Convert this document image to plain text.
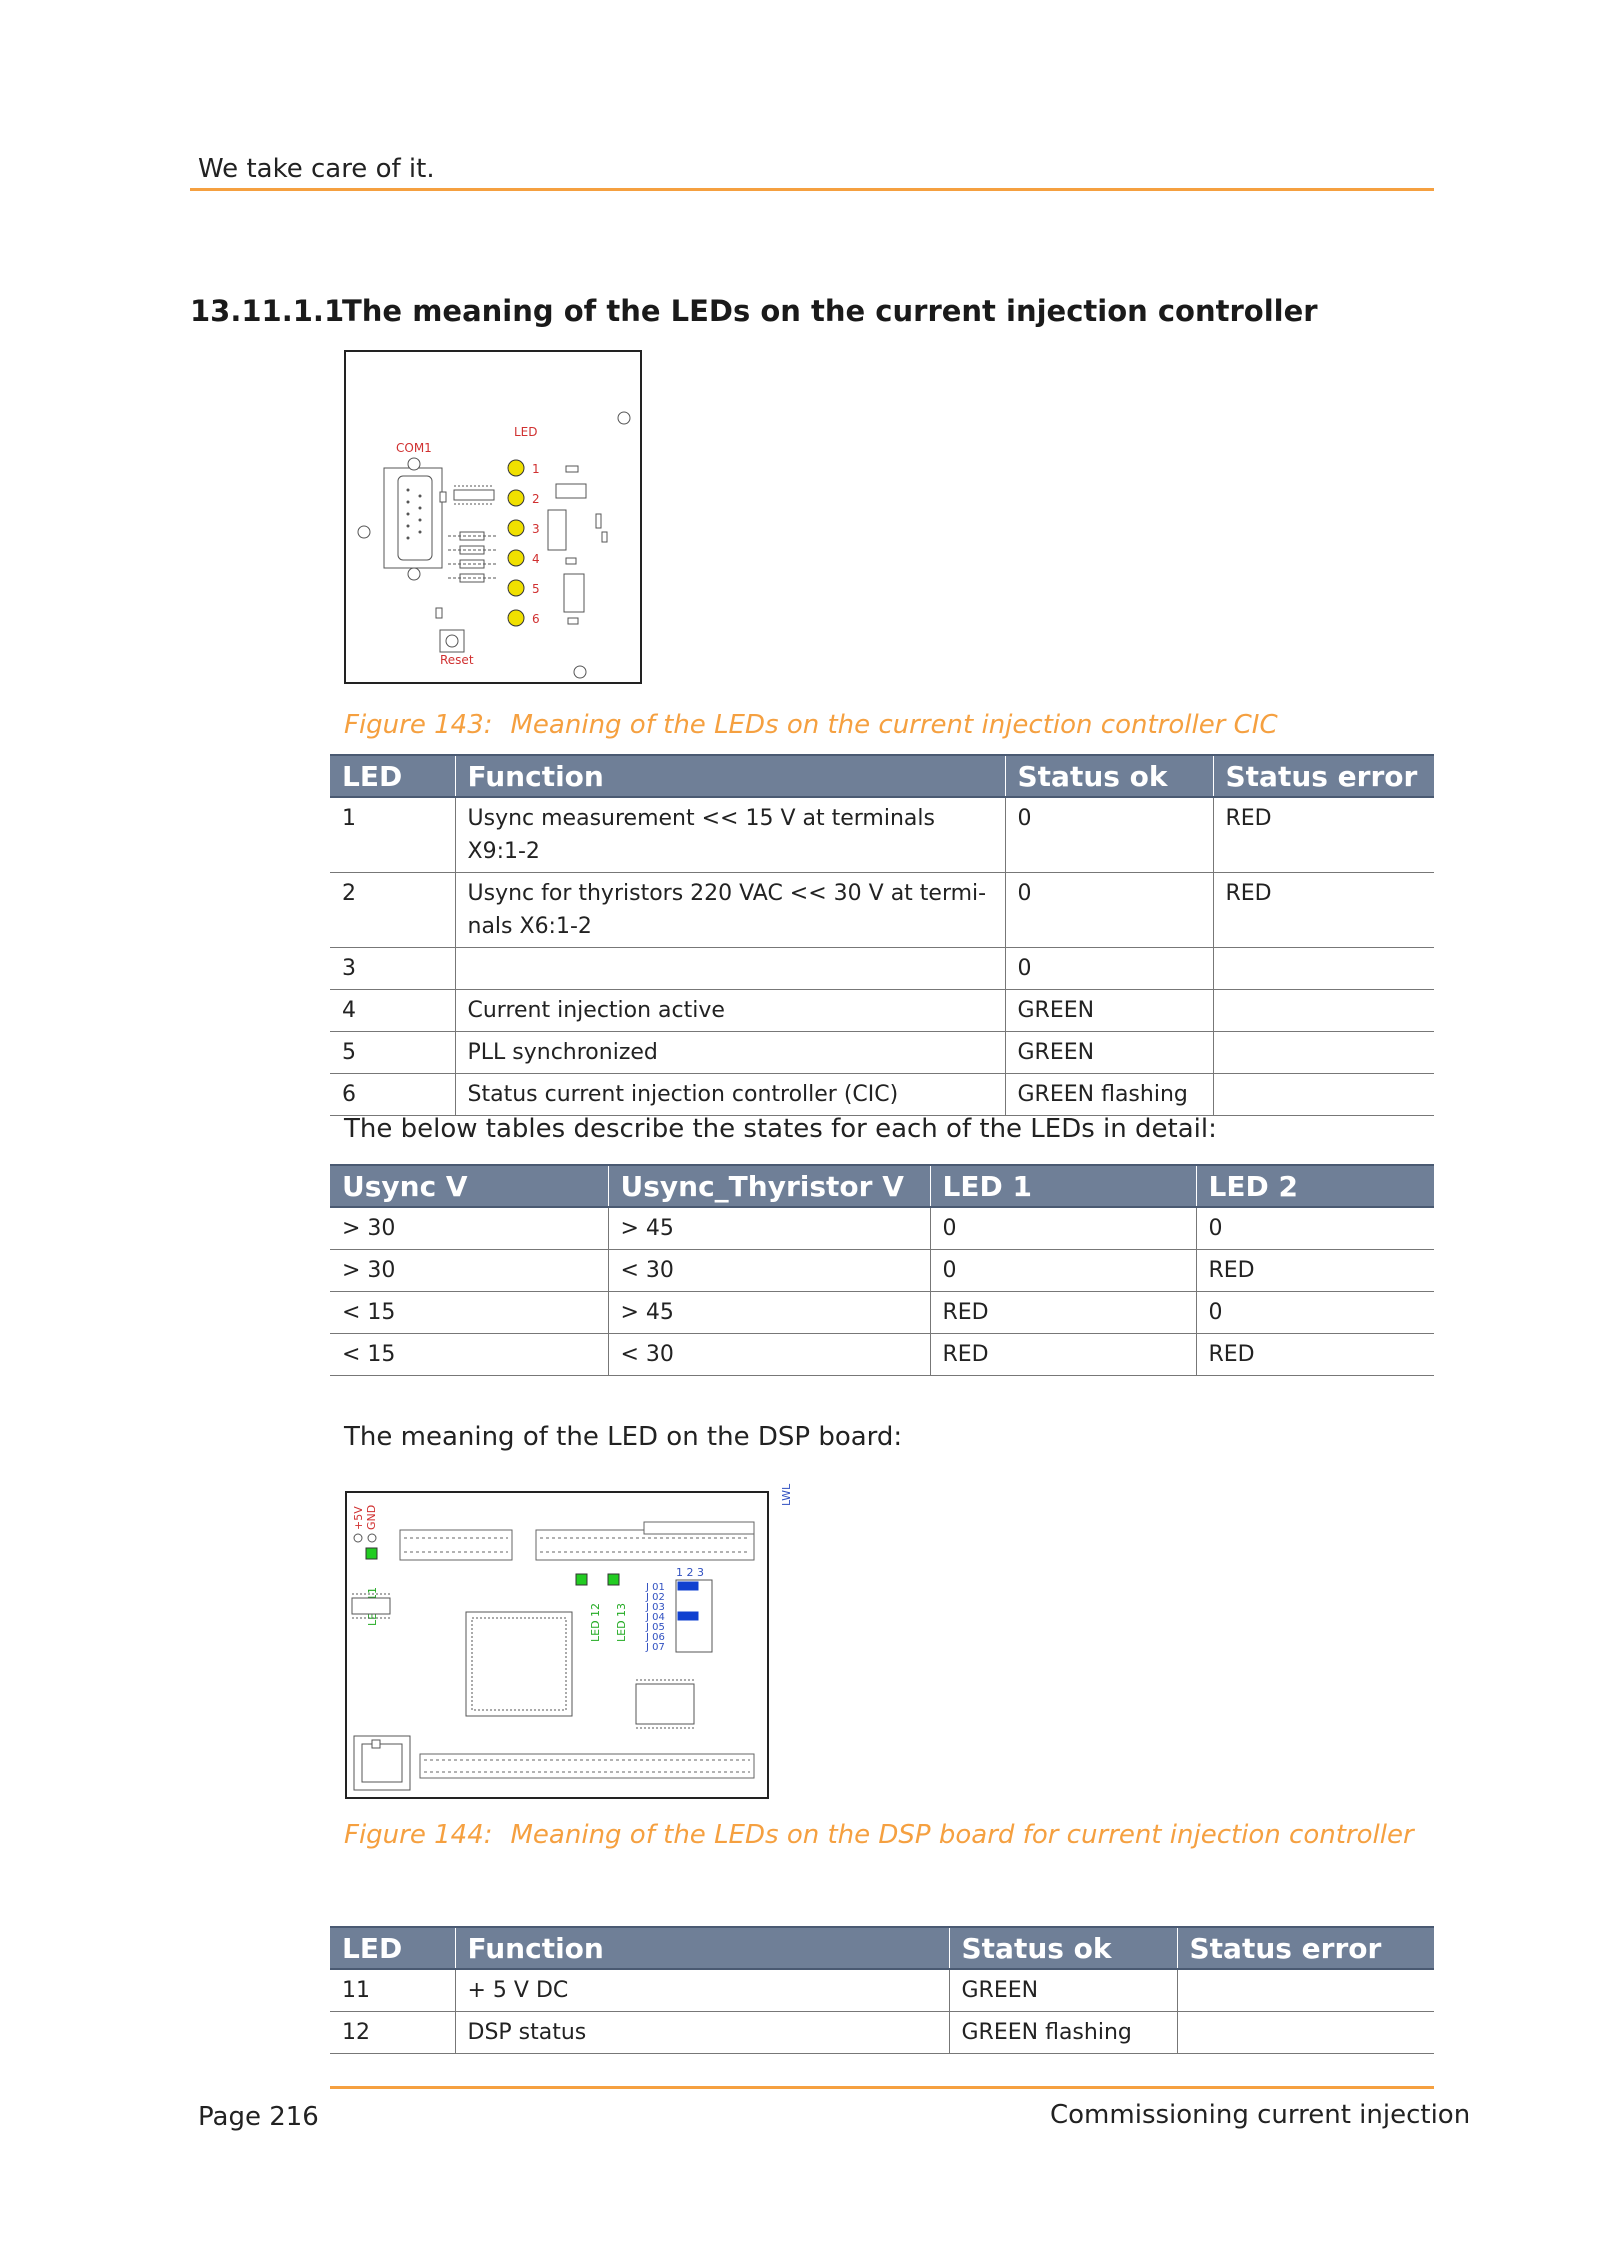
We take care of it.
13.11.1.1The meaning of the LEDs on the current injection controller
LED
COM1
1
2
3
4
5
6
Reset
Figure 143: Meaning of the LEDs on the current injection controller CIC
LED	Function	Status ok	Status error
1	Usync measurement << 15 V at terminals X9:1-2	0	RED
2	Usync for thyristors 220 VAC << 30 V at termi-nals X6:1-2	0	RED
3		0	
4	Current injection active	GREEN	
5	PLL synchronized	GREEN	
6	Status current injection controller (CIC)	GREEN flashing	
The below tables describe the states for each of the LEDs in detail:
Usync V	Usync_Thyristor V	LED 1	LED 2
> 30	> 45	0	0
> 30	< 30	0	RED
< 15	> 45	RED	0
< 15	< 30	RED	RED
The meaning of the LED on the DSP board:
+5V GND
LWL
LED 12 LED 13
1 2 3
J 01
J 02
J 03
J 04
J 05
J 06
J 07
Figure 144: Meaning of the LEDs on the DSP board for current injection controller
LED	Function	Status ok	Status error
11	+ 5 V DC	GREEN	
12	DSP status	GREEN flashing	
Page 216	Commissioning current injection
